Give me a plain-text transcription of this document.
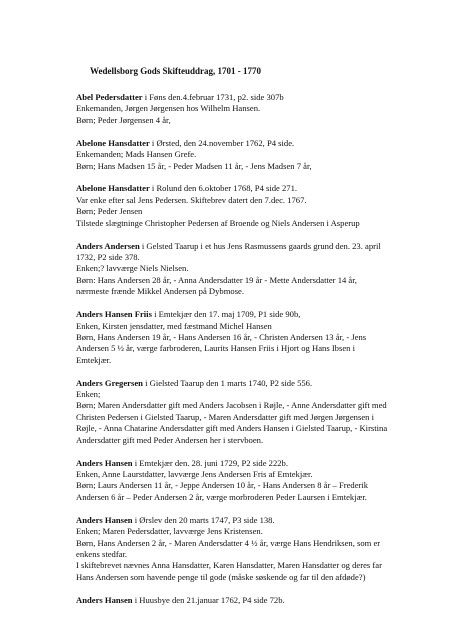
Wedellsborg Gods Skifteuddrag, 1701 - 1770
Abel Pedersdatter i Føns den.4.februar 1731, p2. side 307b
Enkemanden, Jørgen Jørgensen hos Wilhelm Hansen.
Børn; Peder Jørgensen 4 år,
Abelone Hansdatter i Ørsted, den 24.november 1762, P4 side.
Enkemanden; Mads Hansen Grefe.
Børn; Hans Madsen 15 år, - Peder Madsen 11 år, - Jens Madsen 7 år,
Abelone Hansdatter i Rolund den 6.oktober 1768, P4 side 271.
Var enke efter sal Jens Pedersen. Skiftebrev datert den 7.dec. 1767.
Børn; Peder Jensen
Tilstede slægtninge Christopher Pedersen af Broende og Niels Andersen i Asperup
Anders Andersen i Gelsted Taarup i et hus Jens Rasmussens gaards grund den. 23. april
1732, P2 side 378.
Enken;? lavværge Niels Nielsen.
Børn: Hans Andersen 28 år, - Anna Andersdatter 19 år - Mette Andersdatter 14 år,
nærmeste frænde Mikkel Andersen på Dybmose.
Anders Hansen Friis i Emtekjær den 17. maj 1709, P1 side 90b,
Enken, Kirsten jensdatter, med fæstmand Michel Hansen
Børn, Hans Andersen 19 år, - Hans Andersen 16 år, - Christen Andersen 13 år, - Jens
Andersen 5 ½ år, værge farbroderen, Laurits Hansen Friis i Hjort og Hans Ibsen i
Emtekjær.
Anders Gregersen i Gielsted Taarup den 1 marts 1740, P2 side 556.
Enken;
Børn; Maren Andersdatter gift med Anders Jacobsen i Røjle, - Anne Andersdatter gift med
Christen Pedersen i Gielsted Taarup, - Maren Andersdatter gift med Jørgen Jørgensen i
Røjle, - Anna Chatarine Andersdatter gift med Anders Hansen i Gielsted Taarup, - Kirstina
Andersdatter gift med Peder Andersen her i stervboen.
Anders Hansen i Emtekjær den. 28. juni 1729, P2 side 222b.
Enken, Anne Laurstdatter, lavværge Jens Andersen Fris af Emtekjær.
Børn; Laurs Andersen 11 år, - Jeppe Andersen 10 år, - Hans Andersen 8 år – Frederik
Andersen 6 år – Peder Andersen 2 år, værge morbroderen Peder Laursen i Emtekjær.
Anders Hansen i Ørslev den 20 marts 1747, P3 side 138.
Enken; Maren Pedersdatter, lavværge Jens Kristensen.
Børn, Hans Andersen 2 år, - Maren Andersdatter 4 ½ år, værge Hans Hendriksen, som er
enkens stedfar.
I skiftebrevet nævnes Anna Hansdatter, Karen Hansdatter, Maren Hansdatter og deres far
Hans Andersen som havende penge til gode (måske søskende og far til den afdøde?)
Anders Hansen i Huusbye den 21.januar 1762, P4 side 72b.
